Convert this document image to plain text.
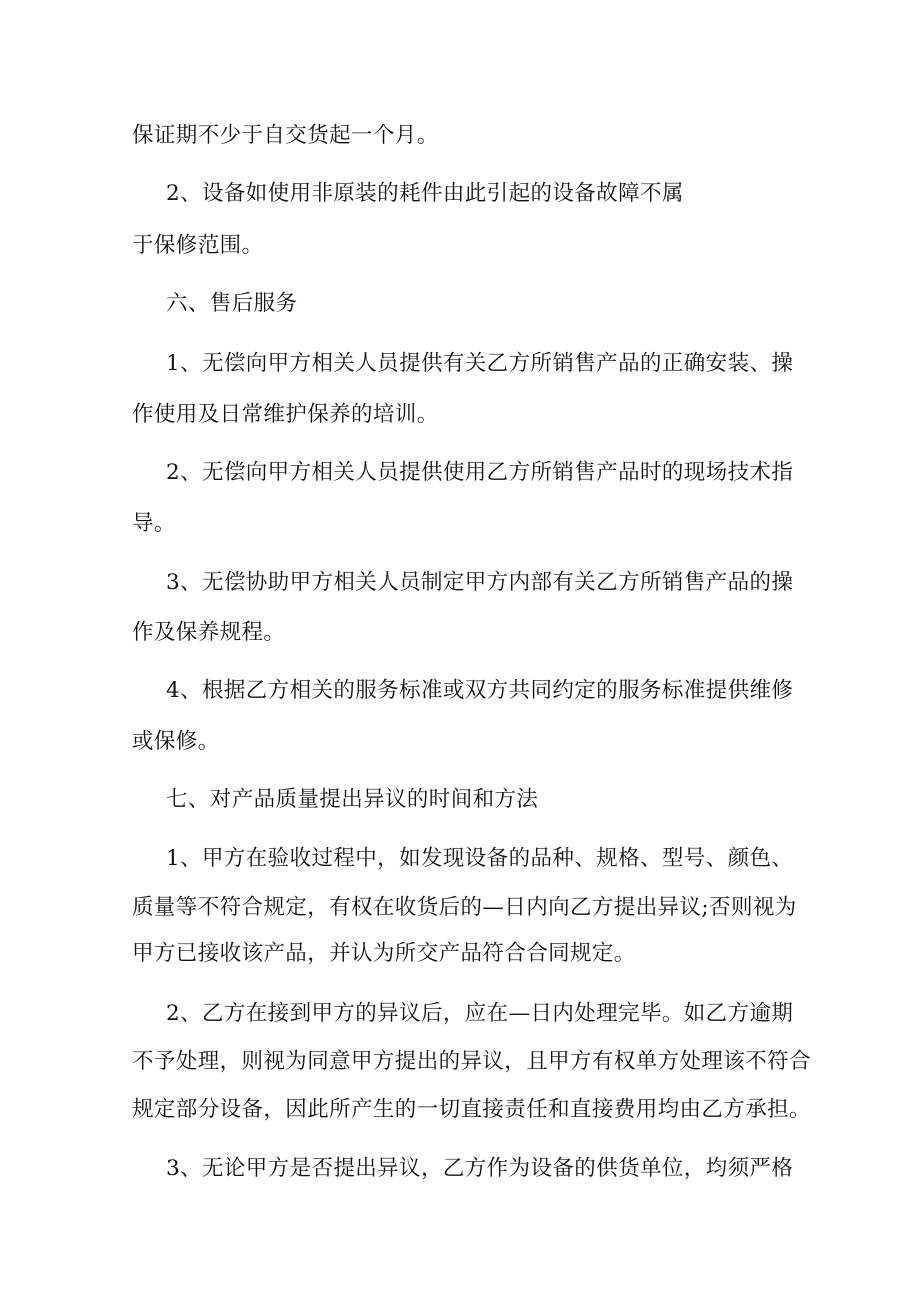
保证期不少于自交货起一个月。
2、设备如使用非原装的耗件由此引起的设备故障不属
于保修范围。
六、售后服务
1、无偿向甲方相关人员提供有关乙方所销售产品的正确安装、操
作使用及日常维护保养的培训。
2、无偿向甲方相关人员提供使用乙方所销售产品时的现场技术指
导。
3、无偿协助甲方相关人员制定甲方内部有关乙方所销售产品的操
作及保养规程。
4、根据乙方相关的服务标准或双方共同约定的服务标准提供维修
或保修。
七、对产品质量提出异议的时间和方法
1、甲方在验收过程中，如发现设备的品种、规格、型号、颜色、
质量等不符合规定，有权在收货后的—日内向乙方提出异议;否则视为
甲方已接收该产品，并认为所交产品符合合同规定。
2、乙方在接到甲方的异议后，应在—日内处理完毕。如乙方逾期
不予处理，则视为同意甲方提出的异议，且甲方有权单方处理该不符合
规定部分设备，因此所产生的一切直接责任和直接费用均由乙方承担。
3、无论甲方是否提出异议，乙方作为设备的供货单位，均须严格
